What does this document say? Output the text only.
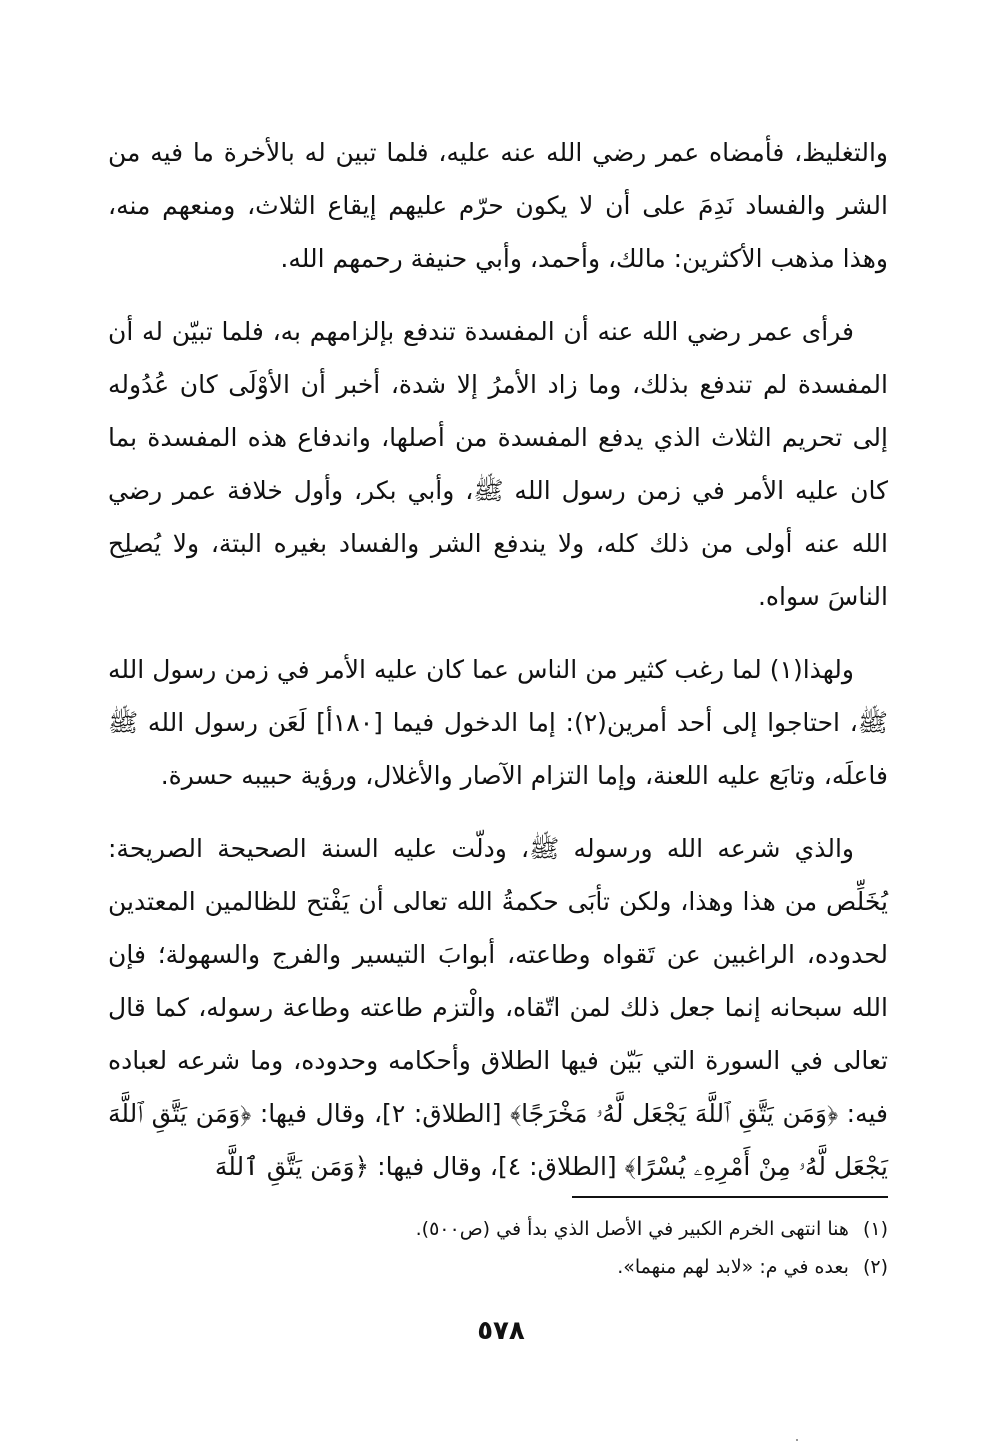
والتغليظ، فأمضاه عمر رضي الله عنه عليه، فلما تبين له بالأخرة ما فيه من الشر والفساد نَدِمَ على أن لا يكون حرّم عليهم إيقاع الثلاث، ومنعهم منه، وهذا مذهب الأكثرين: مالك، وأحمد، وأبي حنيفة رحمهم الله.

فرأى عمر رضي الله عنه أن المفسدة تندفع بإلزامهم به، فلما تبيّن له أن المفسدة لم تندفع بذلك، وما زاد الأمرُ إلا شدة، أخبر أن الأوْلَى كان عُدُوله إلى تحريم الثلاث الذي يدفع المفسدة من أصلها، واندفاع هذه المفسدة بما كان عليه الأمر في زمن رسول الله ﷺ، وأبي بكر، وأول خلافة عمر رضي الله عنه أولى من ذلك كله، ولا يندفع الشر والفساد بغيره البتة، ولا يُصلِح الناسَ سواه.

ولهذا(١) لما رغب كثير من الناس عما كان عليه الأمر في زمن رسول الله ﷺ، احتاجوا إلى أحد أمرين(٢): إما الدخول فيما [١٨٠أ] لَعَن رسول الله ﷺ فاعلَه، وتابَع عليه اللعنة، وإما التزام الآصار والأغلال، ورؤية حبيبه حسرة.

والذي شرعه الله ورسوله ﷺ، ودلّت عليه السنة الصحيحة الصريحة: يُخَلِّص من هذا وهذا، ولكن تأبَى حكمةُ الله تعالى أن يَفْتح للظالمين المعتدين لحدوده، الراغبين عن تَقواه وطاعته، أبوابَ التيسير والفرج والسهولة؛ فإن الله سبحانه إنما جعل ذلك لمن اتّقاه، والْتزم طاعته وطاعة رسوله، كما قال تعالى في السورة التي بَيّن فيها الطلاق وأحكامه وحدوده، وما شرعه لعباده فيه: ﴿وَمَن يَتَّقِ ٱللَّهَ يَجْعَل لَّهُۥ مَخْرَجًا﴾ [الطلاق: ٢]، وقال فيها: ﴿وَمَن يَتَّقِ ٱللَّهَ يَجْعَل لَّهُۥ مِنْ أَمْرِهِۦ يُسْرًا﴾ [الطلاق: ٤]، وقال فيها: ﴿وَمَن يَتَّقِ ٱللَّهَ

(١) هنا انتهى الخرم الكبير في الأصل الذي بدأ في (ص٥٠٠).

(٢) بعده في م: «لابد لهم منهما».

٥٧٨
